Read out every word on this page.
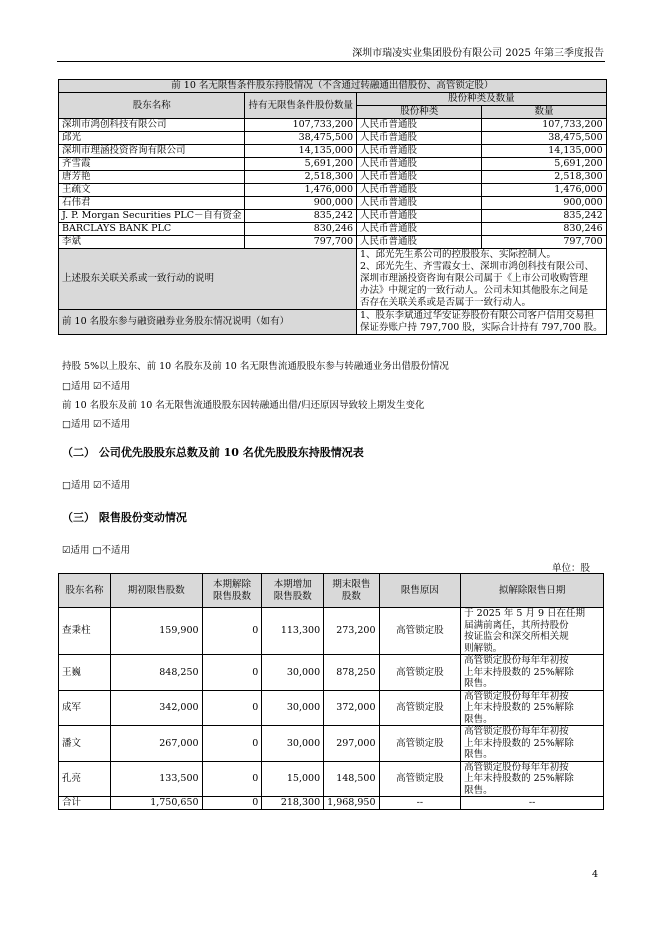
深圳市瑞凌实业集团股份有限公司 2025 年第三季度报告
前 10 名无限售条件股东持股情况（不含通过转融通出借股份、高管锁定股）			
股东名称	持有无限售条件股份数量	股份种类及数量	
		股份种类	数量
深圳市鸿创科技有限公司	107,733,200	人民币普通股	107,733,200
邱光	38,475,500	人民币普通股	38,475,500
深圳市理涵投资咨询有限公司	14,135,000	人民币普通股	14,135,000
齐雪霞	5,691,200	人民币普通股	5,691,200
唐芳艳	2,518,300	人民币普通股	2,518,300
王疏文	1,476,000	人民币普通股	1,476,000
石伟君	900,000	人民币普通股	900,000
J. P. Morgan Securities PLC－自有资金	835,242	人民币普通股	835,242
BARCLAYS BANK PLC	830,246	人民币普通股	830,246
李斌	797,700	人民币普通股	797,700
上述股东关联关系或一致行动的说明		1、邱光先生系公司的控股股东、实际控制人。
2、邱光先生、齐雪霞女士、深圳市鸿创科技有限公司、
深圳市理涵投资咨询有限公司属于《上市公司收购管理
办法》中规定的一致行动人。公司未知其他股东之间是
否存在关联关系或是否属于一致行动人。	

前 10 名股东参与融资融券业务股东情况说明（如有）		1、股东李斌通过华安证券股份有限公司客户信用交易担
保证券账户持 797,700 股，实际合计持有 797,700 股。	
持股 5%以上股东、前 10 名股东及前 10 名无限售流通股股东参与转融通业务出借股份情况
□适用 ☑不适用
前 10 名股东及前 10 名无限售流通股股东因转融通出借/归还原因导致较上期发生变化
□适用 ☑不适用
（二） 公司优先股股东总数及前 10 名优先股股东持股情况表
□适用 ☑不适用
（三） 限售股份变动情况
☑适用 □不适用
单位：股
股东名称	期初限售股数	本期解除
限售股数	本期增加
限售股数	期末限售
股数	限售原因	拟解除限售日期
查秉柱	159,900	0	113,300	273,200	高管锁定股	于 2025 年 5 月 9 日在任期
届满前离任，其所持股份
按证监会和深交所相关规
则解锁。

王巍	848,250	0	30,000	878,250	高管锁定股	高管锁定股份每年年初按
上年末持股数的 25%解除
限售。

成军	342,000	0	30,000	372,000	高管锁定股	高管锁定股份每年年初按
上年末持股数的 25%解除
限售。

潘文	267,000	0	30,000	297,000	高管锁定股	高管锁定股份每年年初按
上年末持股数的 25%解除
限售。

孔亮	133,500	0	15,000	148,500	高管锁定股	高管锁定股份每年年初按
上年末持股数的 25%解除
限售。

合计	1,750,650	0	218,300	1,968,950	--	--
4
